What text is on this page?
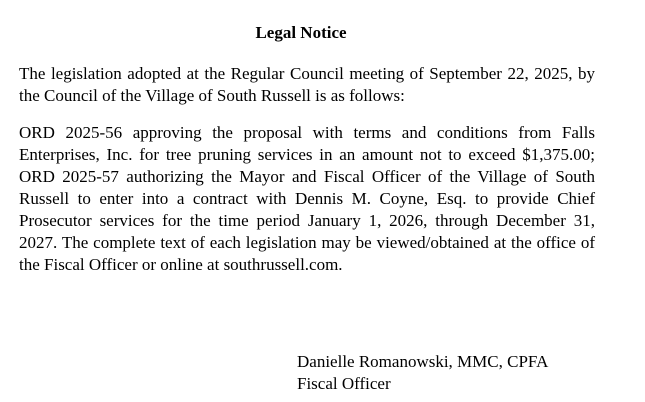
Legal Notice

The legislation adopted at the Regular Council meeting of September 22, 2025, by the Council of the Village of South Russell is as follows:

ORD 2025-56 approving the proposal with terms and conditions from Falls Enterprises, Inc. for tree pruning services in an amount not to exceed $1,375.00; ORD 2025-57 authorizing the Mayor and Fiscal Officer of the Village of South Russell to enter into a contract with Dennis M. Coyne, Esq. to provide Chief Prosecutor services for the time period January 1, 2026, through December 31, 2027. The complete text of each legislation may be viewed/obtained at the office of the Fiscal Officer or online at southrussell.com.

Danielle Romanowski, MMC, CPFA
Fiscal Officer
